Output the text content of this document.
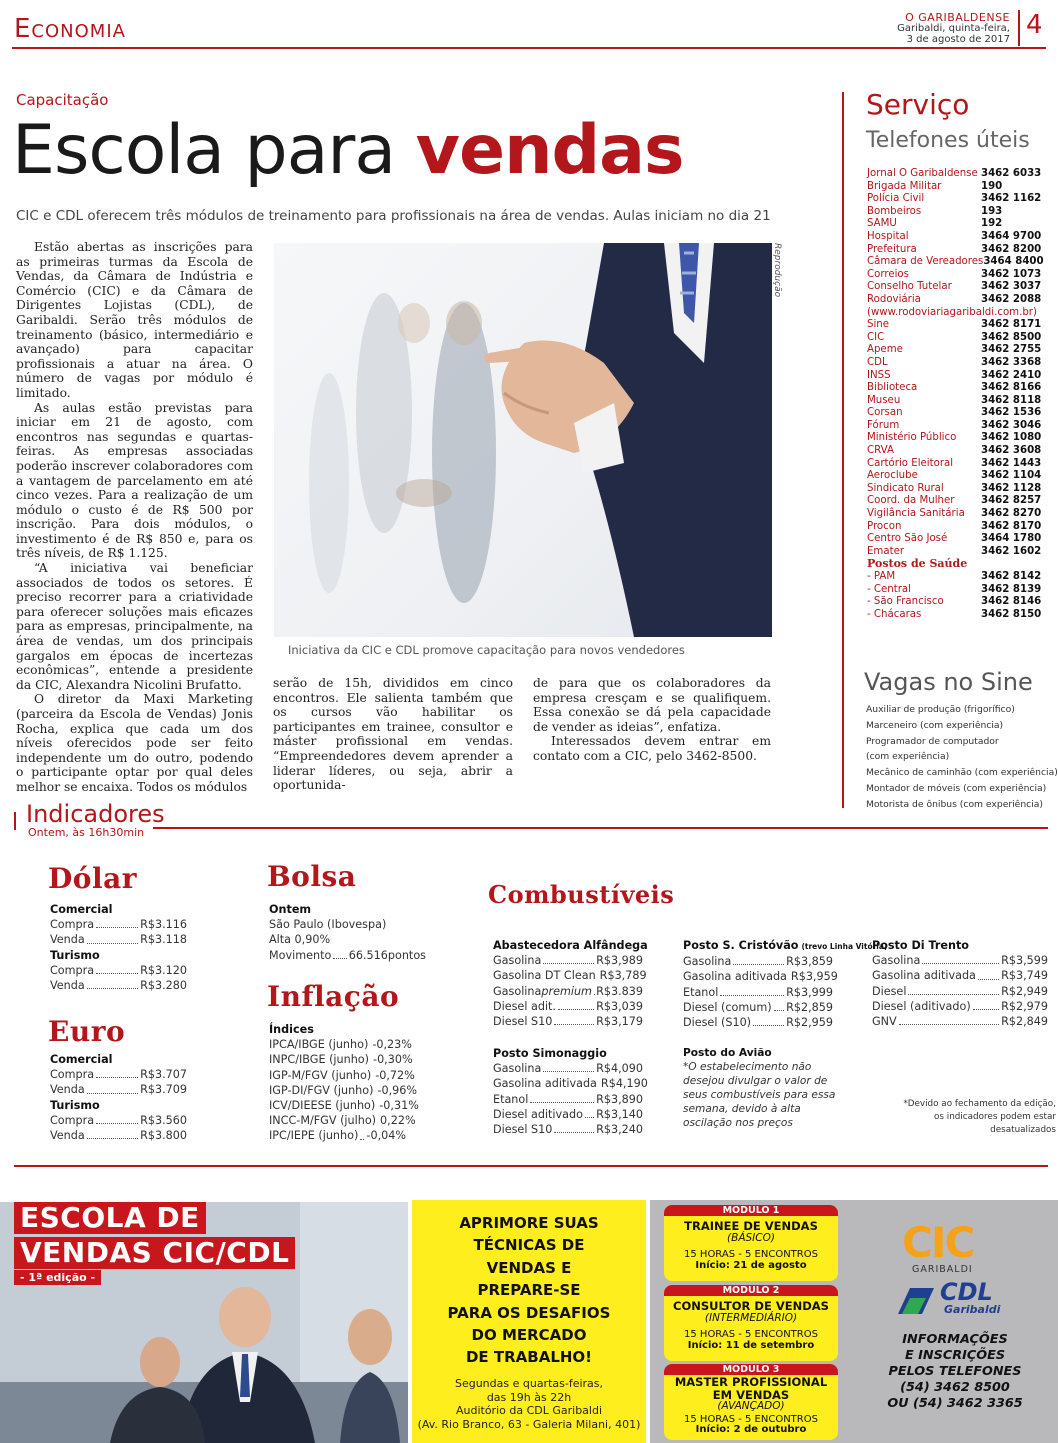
Economia	O GARIBALDENSE
Garibaldi, quinta-feira,
3 de agosto de 2017 4
Capacitação
Escola para vendas
CIC e CDL oferecem três módulos de treinamento para profissionais na área de vendas. Aulas iniciam no dia 21

Estão abertas as inscrições para as primeiras turmas da Escola de Vendas, da Câmara de Indústria e Comércio (CIC) e da Câmara de Dirigentes Lojistas (CDL), de Garibaldi. Serão três módulos de treinamento (básico, intermediário e avançado) para capacitar profissionais a atuar na área. O número de vagas por módulo é limitado.

As aulas estão previstas para iniciar em 21 de agosto, com encontros nas segundas e quartas-feiras. As empresas associadas poderão inscrever colaboradores com a vantagem de parcelamento em até cinco vezes. Para a realização de um módulo o custo é de R$ 500 por inscrição. Para dois módulos, o investimento é de R$ 850 e, para os três níveis, de R$ 1.125.

“A iniciativa vai beneficiar associados de todos os setores. É preciso recorrer para a criatividade para oferecer soluções mais eficazes para as empresas, principalmente, na área de vendas, um dos principais gargalos em épocas de incertezas econômicas”, entende a presidente da CIC, Alexandra Nicolini Brufatto.

O diretor da Maxi Marketing (parceira da Escola de Vendas) Jonis Rocha, explica que cada um dos níveis oferecidos pode ser feito independente um do outro, podendo o participante optar por qual deles melhor se encaixa. Todos os módulos

Reprodução
Iniciativa da CIC e CDL promove capacitação para novos vendedores
serão de 15h, divididos em cinco encontros. Ele salienta também que os cursos vão habilitar os participantes em trainee, consultor e máster profissional em vendas. “Empreendedores devem aprender a liderar líderes, ou seja, abrir a oportunida-
de para que os colaboradores da empresa cresçam e se qualifiquem. Essa conexão se dá pela capacidade de vender as ideias”, enfatiza.

Interessados devem entrar em contato com a CIC, pelo 3462-8500.

Serviço
Telefones úteis
Jornal O Garibaldense 3462 6033
Brigada Militar	190
Polícia Civil	3462 1162
Bombeiros	193
SAMU	192
Hospital	3464 9700
Prefeitura	3462 8200
Câmara de Vereadores 3464 8400
Correios	3462 1073
Conselho Tutelar	3462 3037
Rodoviária	3462 2088
(www.rodoviariagaribaldi.com.br)
Sine	3462 8171
CIC	3462 8500
Apeme	3462 2755
CDL	3462 3368
INSS	3462 2410
Biblioteca	3462 8166
Museu	3462 8118
Corsan	3462 1536
Fórum	3462 3046
Ministério Público 3462 1080
CRVA	3462 3608
Cartório Eleitoral	3462 1443
Aeroclube	3462 1104
Sindicato Rural	3462 1128
Coord. da Mulher	3462 8257
Vigilância Sanitária 3462 8270
Procon	3462 8170
Centro São José	3464 1780
Emater	3462 1602
Postos de Saúde
- PAM	3462 8142
- Central	3462 8139
- São Francisco	3462 8146
- Chácaras	3462 8150
Vagas no Sine
Auxiliar de produção (frigorífico)
Marceneiro (com experiência)
Programador de computador
(com experiência)
Mecânico de caminhão (com experiência)
Montador de móveis (com experiência)
Motorista de ônibus (com experiência)
Indicadores
Ontem, às 16h30min
Dólar
Comercial
Compra	R$3.116
Venda	R$3.118
Turismo
Compra	R$3.120
Venda	R$3.280
Euro
Comercial
Compra	R$3.707
Venda	R$3.709
Turismo
Compra	R$3.560
Venda	R$3.800
Bolsa
Ontem
São Paulo (Ibovespa)
Alta 0,90%
Movimento 66.516pontos
Inflação
Índices
IPCA/IBGE (junho) -0,23%
INPC/IBGE (junho) -0,30%
IGP-M/FGV (junho) -0,72%
IGP-DI/FGV (junho) -0,96%
ICV/DIEESE (junho) -0,31%
INCC-M/FGV (julho) 0,22%
IPC/IEPE (junho) -0,04%
Combustíveis
Abastecedora Alfândega
Gasolina	R$3,989
Gasolina DT Clean R$3,789
Gasolina premium R$3.839
Diesel adit.	R$3,039
Diesel S10	R$3,179
Posto S. Cristóvão (trevo Linha Vitória)
Gasolina	R$3,859
Gasolina aditivada R$3,959
Etanol	R$3,999
Diesel (comum) R$2,859
Diesel (S10)	R$2,959
Posto Di Trento
Gasolina	R$3,599
Gasolina aditivada R$3,749
Diesel	R$2,949
Diesel (aditivado)	R$2,979
GNV	R$2,849
Posto Simonaggio
Gasolina	R$4,090
Gasolina aditivada R$4,190
Etanol	R$3,890
Diesel aditivado R$3,140
Diesel S10	R$3,240
Posto do Avião
*O estabelecimento não desejou divulgar o valor de seus combustíveis para essa semana, devido à alta oscilação nos preços
*Devido ao fechamento da edição, os indicadores podem estar desatualizados
ESCOLA DE
VENDAS CIC/CDL
- 1ª edição -
APRIMORE SUAS
TÉCNICAS DE
VENDAS E
PREPARE-SE
PARA OS DESAFIOS
DO MERCADO
DE TRABALHO!
Segundas e quartas-feiras,
das 19h às 22h
Auditório da CDL Garibaldi
(Av. Rio Branco, 63 - Galeria Milani, 401)
MÓDULO 1
TRAINEE DE VENDAS
(BÁSICO)
15 HORAS - 5 ENCONTROS
Início: 21 de agosto
MÓDULO 2
CONSULTOR DE VENDAS
(INTERMEDIÁRIO)
15 HORAS - 5 ENCONTROS
Início: 11 de setembro
MÓDULO 3
MASTER PROFISSIONAL EM VENDAS
(AVANÇADO)
15 HORAS - 5 ENCONTROS
Início: 2 de outubro
CIC
GARIBALDI
CDL
Garibaldi
INFORMAÇÕES
E INSCRIÇÕES
PELOS TELEFONES
(54) 3462 8500
OU (54) 3462 3365
